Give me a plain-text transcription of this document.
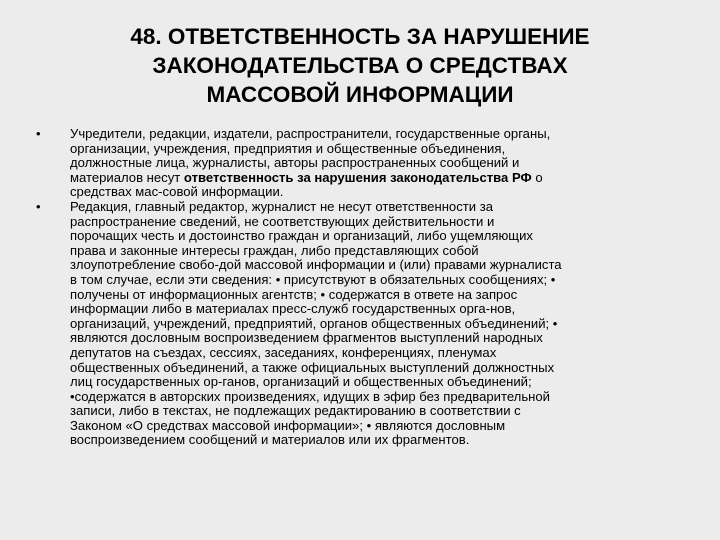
48. ОТВЕТСТВЕННОСТЬ ЗА НАРУШЕНИЕ
ЗАКОНОДАТЕЛЬСТВА О СРЕДСТВАХ
МАССОВОЙ ИНФОРМАЦИИ
•	Учредители, редакции, издатели, распространители, государственные органы,
организации, учреждения, предприятия и общественные объединения,
должностные лица, журналисты, авторы распространенных сообщений и
материалов несут ответственность за нарушения законодательства РФ о
средствах мас-совой информации.
•	Редакция, главный редактор, журналист не несут ответственности за
распространение сведений, не соответствующих действительности и
порочащих честь и достоинство граждан и организаций, либо ущемляющих
права и законные интересы граждан, либо представляющих собой
злоупотребление свобо-дой массовой информации и (или) правами журналиста
в том случае, если эти сведения: • присутствуют в обязательных сообщениях; •
получены от информационных агентств; • содержатся в ответе на запрос
информации либо в материалах пресс-служб государственных орга-нов,
организаций, учреждений, предприятий, органов общественных объединений; •
являются дословным воспроизведением фрагментов выступлений народных
депутатов на съездах, сессиях, заседаниях, конференциях, пленумах
общественных объединений, а также официальных выступлений должностных
лиц государственных ор-ганов, организаций и общественных объединений;
•содержатся в авторских произведениях, идущих в эфир без предварительной
записи, либо в текстах, не подлежащих редактированию в соответствии с
Законом «О средствах массовой информации»; • являются дословным
воспроизведением сообщений и материалов или их фрагментов.
